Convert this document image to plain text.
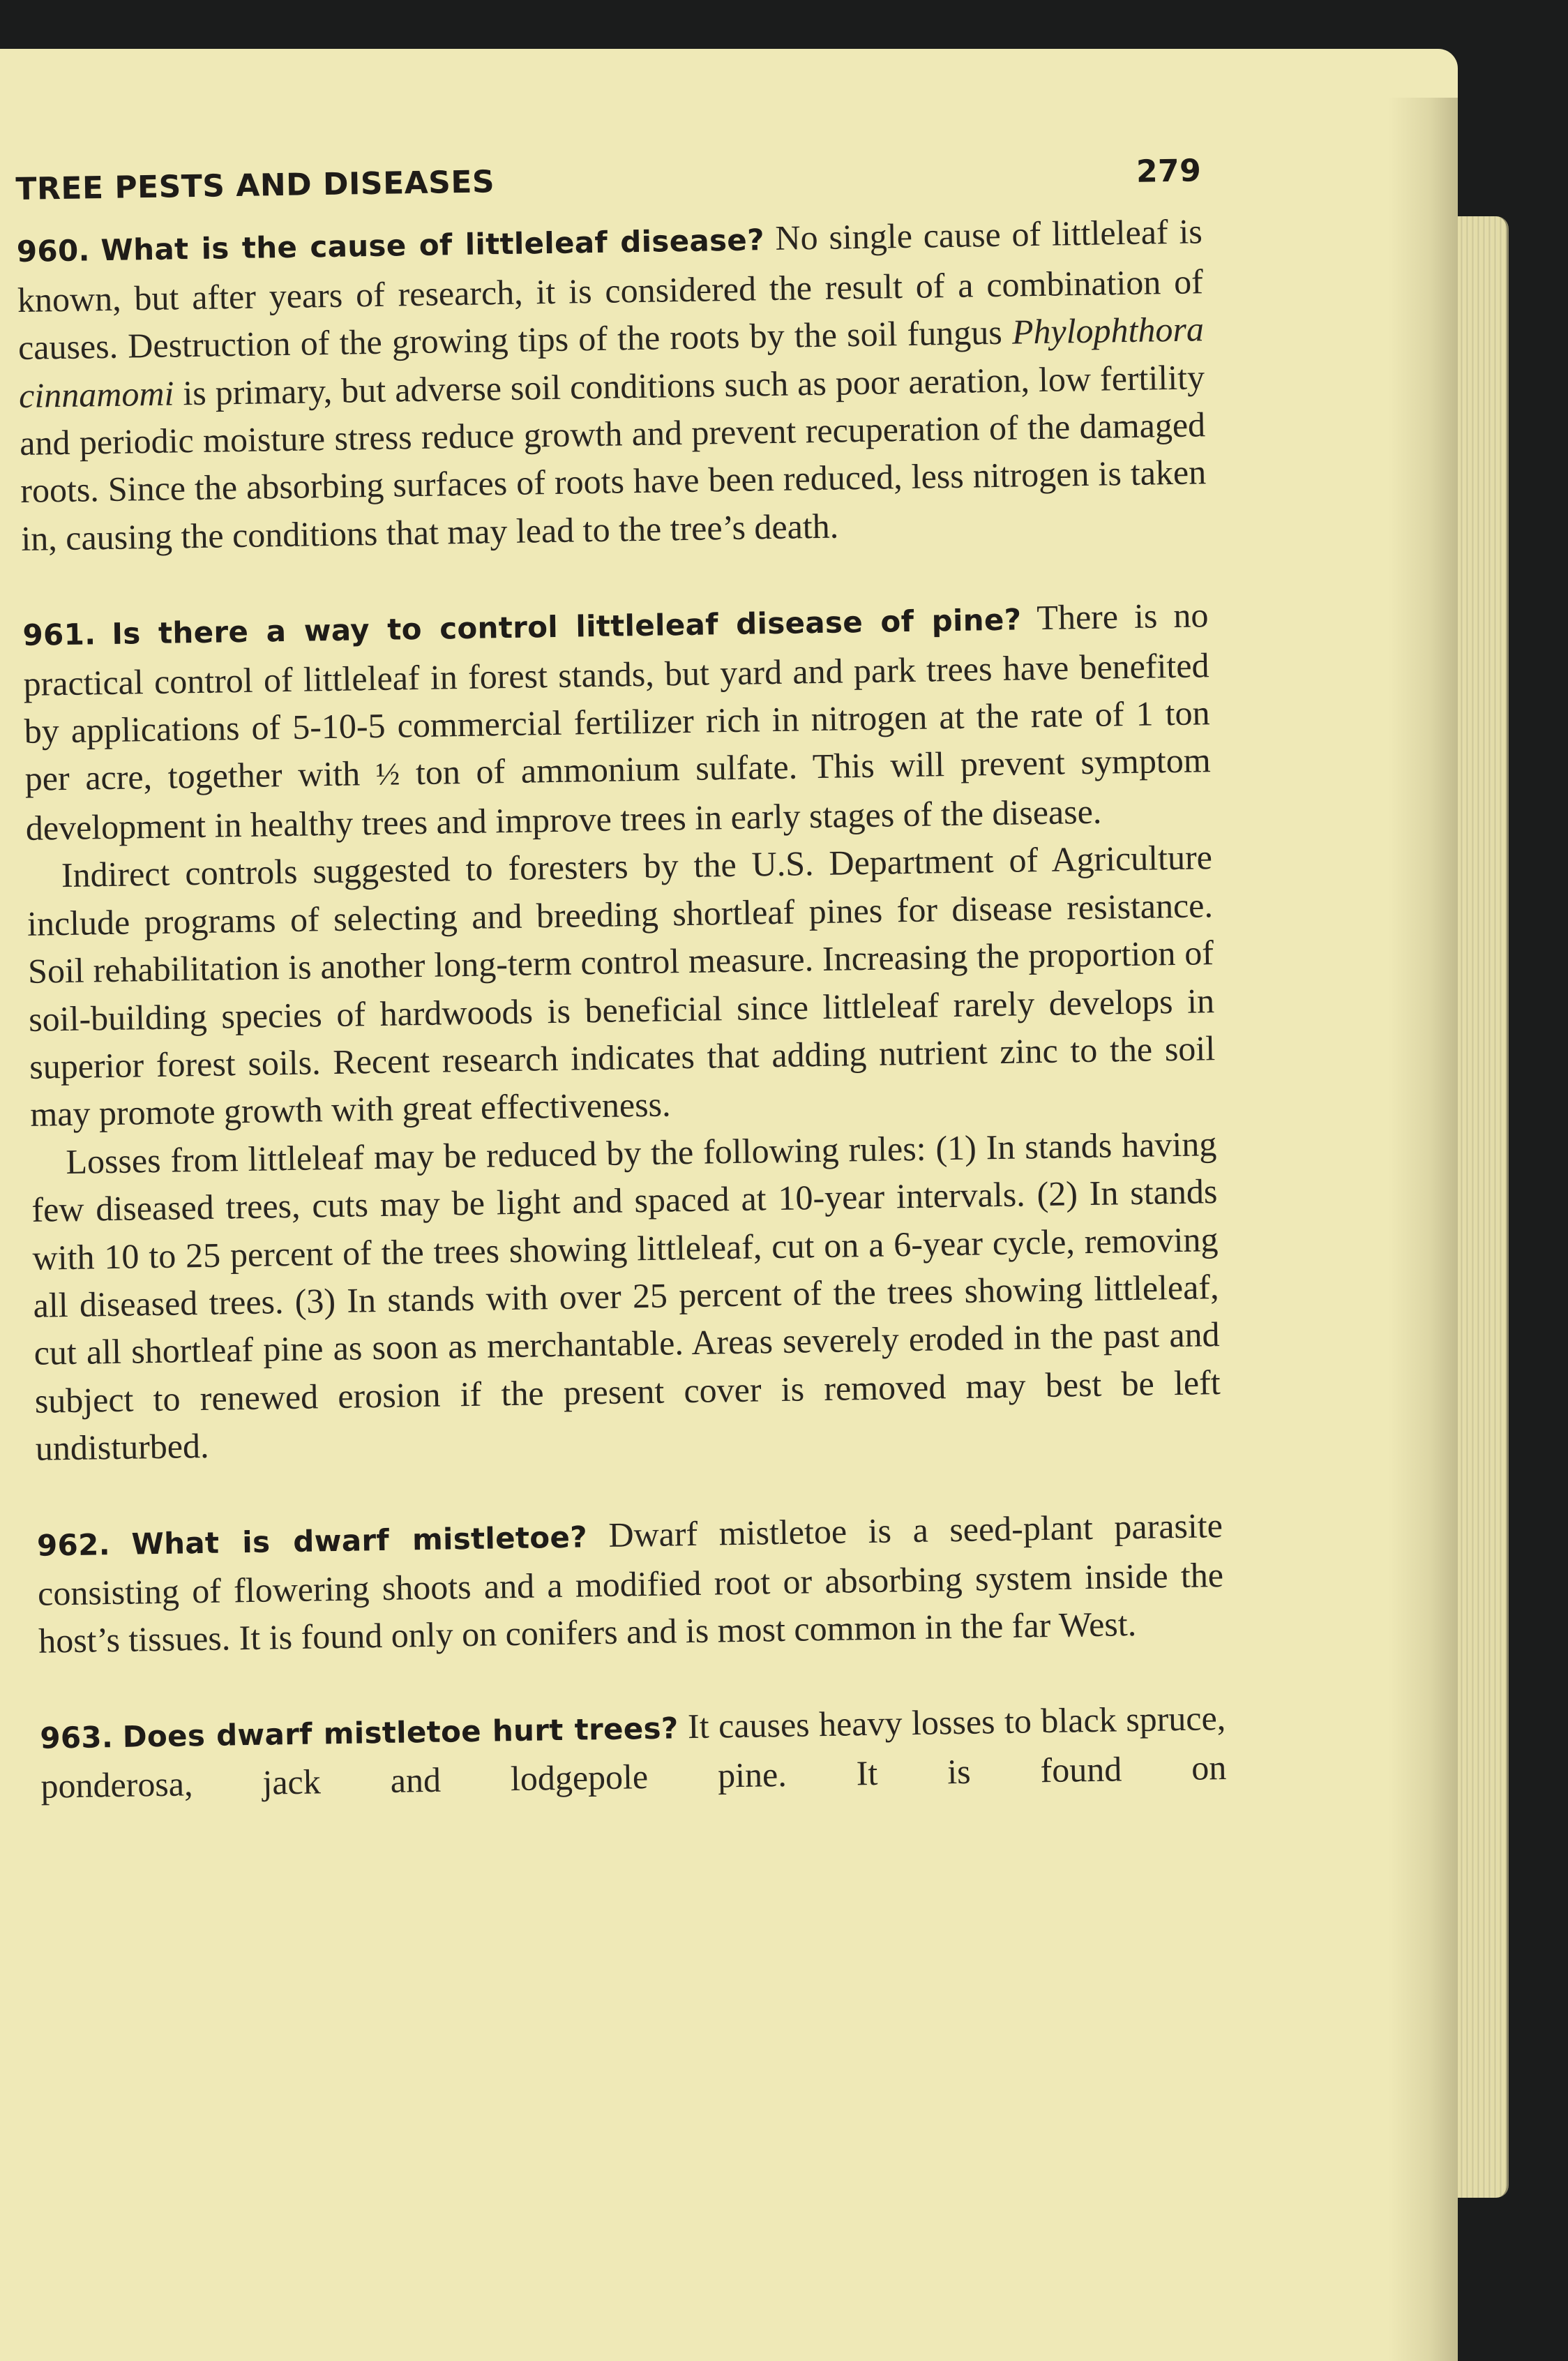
TREE PESTS AND DISEASES	279

960. What is the cause of littleleaf disease? No single cause of littleleaf is known, but after years of research, it is considered the result of a combination of causes. Destruction of the growing tips of the roots by the soil fungus Phylophthora cinnamomi is primary, but adverse soil conditions such as poor aeration, low fertility and periodic moisture stress reduce growth and prevent recuperation of the damaged roots. Since the absorbing surfaces of roots have been reduced, less nitrogen is taken in, causing the conditions that may lead to the tree’s death.

961. Is there a way to control littleleaf disease of pine? There is no practical control of littleleaf in forest stands, but yard and park trees have benefited by applications of 5-10-5 commercial fertilizer rich in nitrogen at the rate of 1 ton per acre, together with ½ ton of ammonium sulfate. This will prevent symptom development in healthy trees and improve trees in early stages of the disease.

Indirect controls suggested to foresters by the U.S. Department of Agriculture include programs of selecting and breeding shortleaf pines for disease resistance. Soil rehabilitation is another long-term control measure. Increasing the proportion of soil-building species of hardwoods is beneficial since littleleaf rarely develops in superior forest soils. Recent research indicates that adding nutrient zinc to the soil may promote growth with great effectiveness.

Losses from littleleaf may be reduced by the following rules: (1) In stands having few diseased trees, cuts may be light and spaced at 10-year intervals. (2) In stands with 10 to 25 percent of the trees showing littleleaf, cut on a 6-year cycle, removing all diseased trees. (3) In stands with over 25 percent of the trees showing littleleaf, cut all shortleaf pine as soon as merchantable. Areas severely eroded in the past and subject to renewed erosion if the present cover is removed may best be left undisturbed.

962. What is dwarf mistletoe? Dwarf mistletoe is a seed-plant parasite consisting of flowering shoots and a modified root or absorbing system inside the host’s tissues. It is found only on conifers and is most common in the far West.

963. Does dwarf mistletoe hurt trees? It causes heavy losses to black spruce, ponderosa, jack and lodgepole pine. It is found on
